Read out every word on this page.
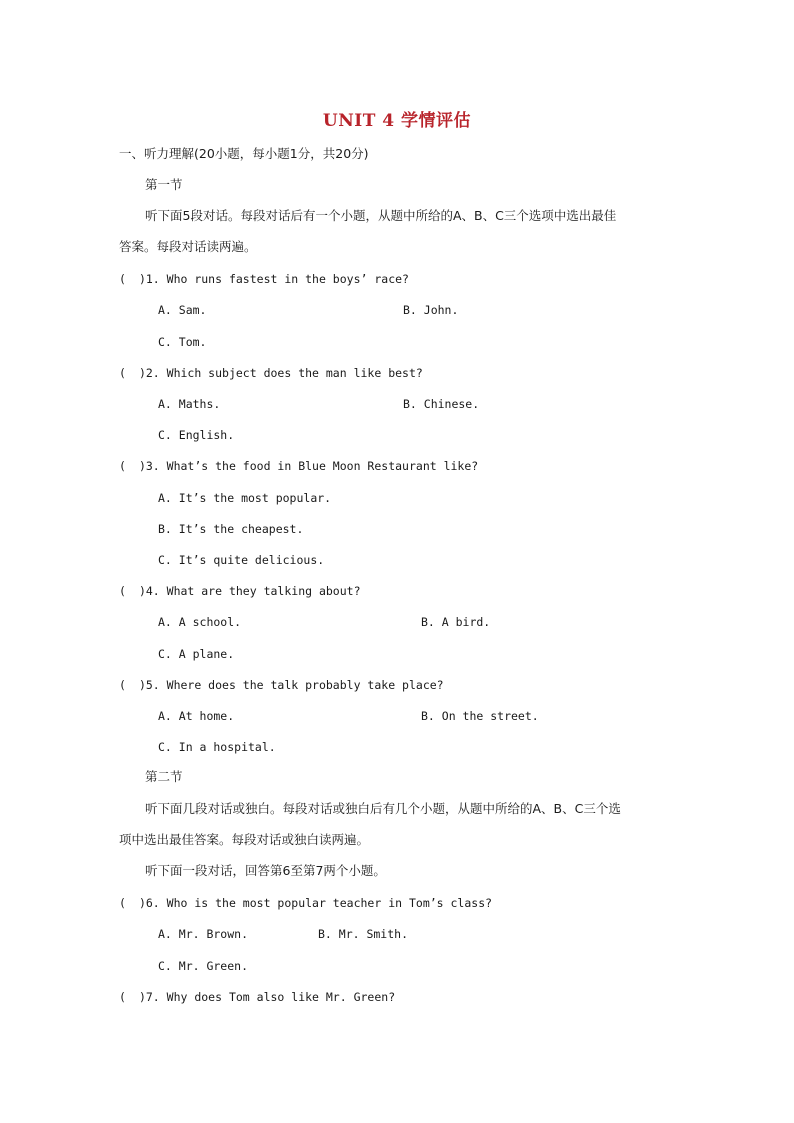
UNIT 4 学情评估
一、听力理解(20小题，每小题1分，共20分)
第一节
听下面5段对话。每段对话后有一个小题，从题中所给的A、B、C三个选项中选出最佳
答案。每段对话读两遍。
( )1. Who runs fastest in the boys’ race?
A. Sam.	B. John.
C. Tom.
( )2. Which subject does the man like best?
A. Maths.	B. Chinese.
C. English.
( )3. What’s the food in Blue Moon Restaurant like?
A. It’s the most popular.
B. It’s the cheapest.
C. It’s quite delicious.
( )4. What are they talking about?
A. A school.	B. A bird.
C. A plane.
( )5. Where does the talk probably take place?
A. At home.	B. On the street.
C. In a hospital.
第二节
听下面几段对话或独白。每段对话或独白后有几个小题，从题中所给的A、B、C三个选
项中选出最佳答案。每段对话或独白读两遍。
听下面一段对话，回答第6至第7两个小题。
( )6. Who is the most popular teacher in Tom’s class?
A. Mr. Brown.	B. Mr. Smith.
C. Mr. Green.
( )7. Why does Tom also like Mr. Green?
